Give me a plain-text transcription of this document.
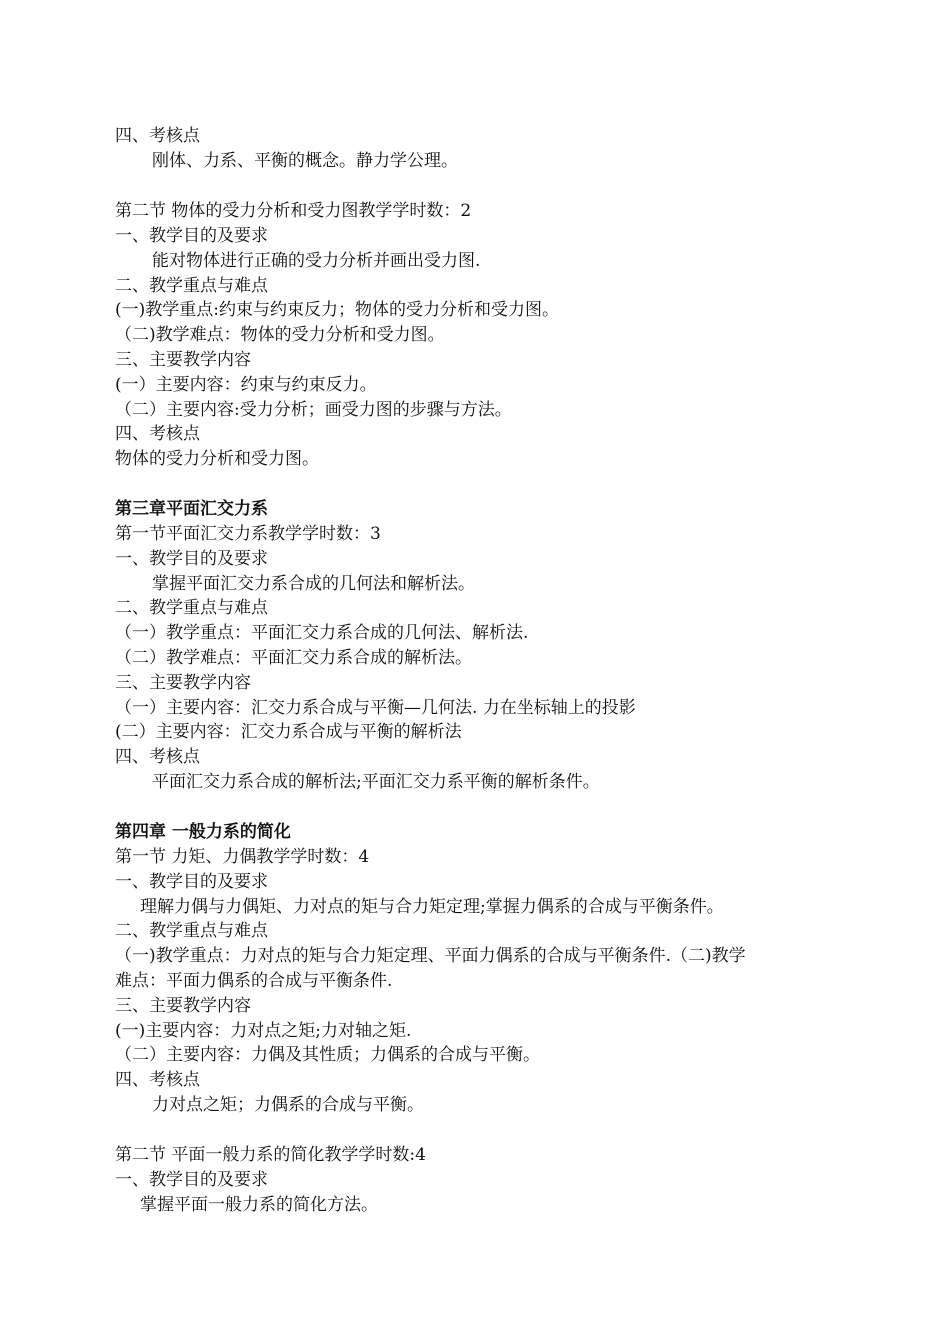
四、考核点
刚体、力系、平衡的概念。静力学公理。
第二节 物体的受力分析和受力图教学学时数：2
一、教学目的及要求
能对物体进行正确的受力分析并画出受力图.
二、教学重点与难点
(一)教学重点:约束与约束反力；物体的受力分析和受力图。
（二)教学难点：物体的受力分析和受力图。
三、主要教学内容
(一）主要内容：约束与约束反力。
（二）主要内容:受力分析；画受力图的步骤与方法。
四、考核点
物体的受力分析和受力图。
第三章平面汇交力系
第一节平面汇交力系教学学时数：3
一、教学目的及要求
掌握平面汇交力系合成的几何法和解析法。
二、教学重点与难点
（一）教学重点：平面汇交力系合成的几何法、解析法.
（二）教学难点：平面汇交力系合成的解析法。
三、主要教学内容
（一）主要内容：汇交力系合成与平衡—几何法. 力在坐标轴上的投影
(二）主要内容：汇交力系合成与平衡的解析法
四、考核点
平面汇交力系合成的解析法;平面汇交力系平衡的解析条件。
第四章 一般力系的简化
第一节 力矩、力偶教学学时数：4
一、教学目的及要求
理解力偶与力偶矩、力对点的矩与合力矩定理;掌握力偶系的合成与平衡条件。
二、教学重点与难点
（一)教学重点：力对点的矩与合力矩定理、平面力偶系的合成与平衡条件.（二)教学
难点：平面力偶系的合成与平衡条件.
三、主要教学内容
(一)主要内容：力对点之矩;力对轴之矩.
（二）主要内容：力偶及其性质；力偶系的合成与平衡。
四、考核点
力对点之矩；力偶系的合成与平衡。
第二节 平面一般力系的简化教学学时数:4
一、教学目的及要求
掌握平面一般力系的简化方法。
